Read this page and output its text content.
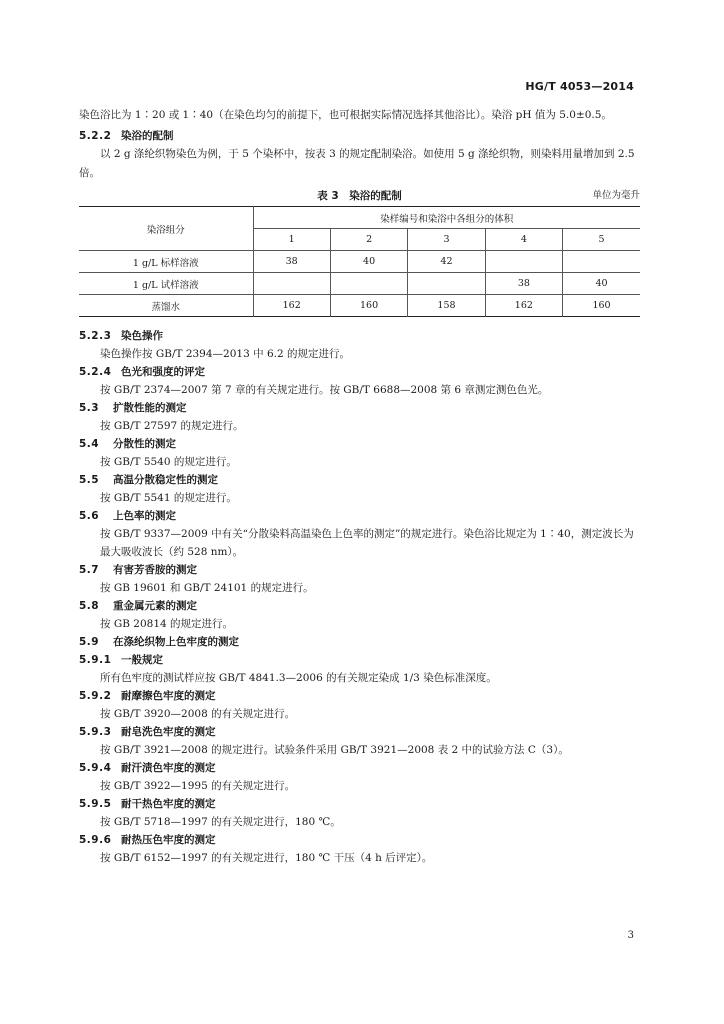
HG/T 4053—2014

染色浴比为 1∶20 或 1∶40（在染色均匀的前提下，也可根据实际情况选择其他浴比）。染浴 pH 值为 5.0±0.5。

5.2.2 染浴的配制

以 2 g 涤纶织物染色为例，于 5 个染杯中，按表 3 的规定配制染浴。如使用 5 g 涤纶织物，则染料用量增加到 2.5 倍。

表 3　染浴的配制	单位为毫升
染浴组分	染样编号和染浴中各组分的体积				
	1	2	3	4	5
1 g/L 标样溶液	38	40	42		
1 g/L 试样溶液				38	40
蒸馏水	162	160	158	162	160
5.2.3 染色操作

染色操作按 GB/T 2394—2013 中 6.2 的规定进行。

5.2.4 色光和强度的评定

按 GB/T 2374—2007 第 7 章的有关规定进行。按 GB/T 6688—2008 第 6 章测定测色色光。

5.3 扩散性能的测定

按 GB/T 27597 的规定进行。

5.4 分散性的测定

按 GB/T 5540 的规定进行。

5.5 高温分散稳定性的测定

按 GB/T 5541 的规定进行。

5.6 上色率的测定

按 GB/T 9337—2009 中有关“分散染料高温染色上色率的测定”的规定进行。染色浴比规定为 1∶40，测定波长为最大吸收波长（约 528 nm）。

5.7 有害芳香胺的测定

按 GB 19601 和 GB/T 24101 的规定进行。

5.8 重金属元素的测定

按 GB 20814 的规定进行。

5.9 在涤纶织物上色牢度的测定
5.9.1 一般规定

所有色牢度的测试样应按 GB/T 4841.3—2006 的有关规定染成 1/3 染色标准深度。

5.9.2 耐摩擦色牢度的测定

按 GB/T 3920—2008 的有关规定进行。

5.9.3 耐皂洗色牢度的测定

按 GB/T 3921—2008 的规定进行。试验条件采用 GB/T 3921—2008 表 2 中的试验方法 C（3）。

5.9.4 耐汗渍色牢度的测定

按 GB/T 3922—1995 的有关规定进行。

5.9.5 耐干热色牢度的测定

按 GB/T 5718—1997 的有关规定进行，180 ℃。

5.9.6 耐热压色牢度的测定

按 GB/T 6152—1997 的有关规定进行，180 ℃ 干压（4 h 后评定）。

3
